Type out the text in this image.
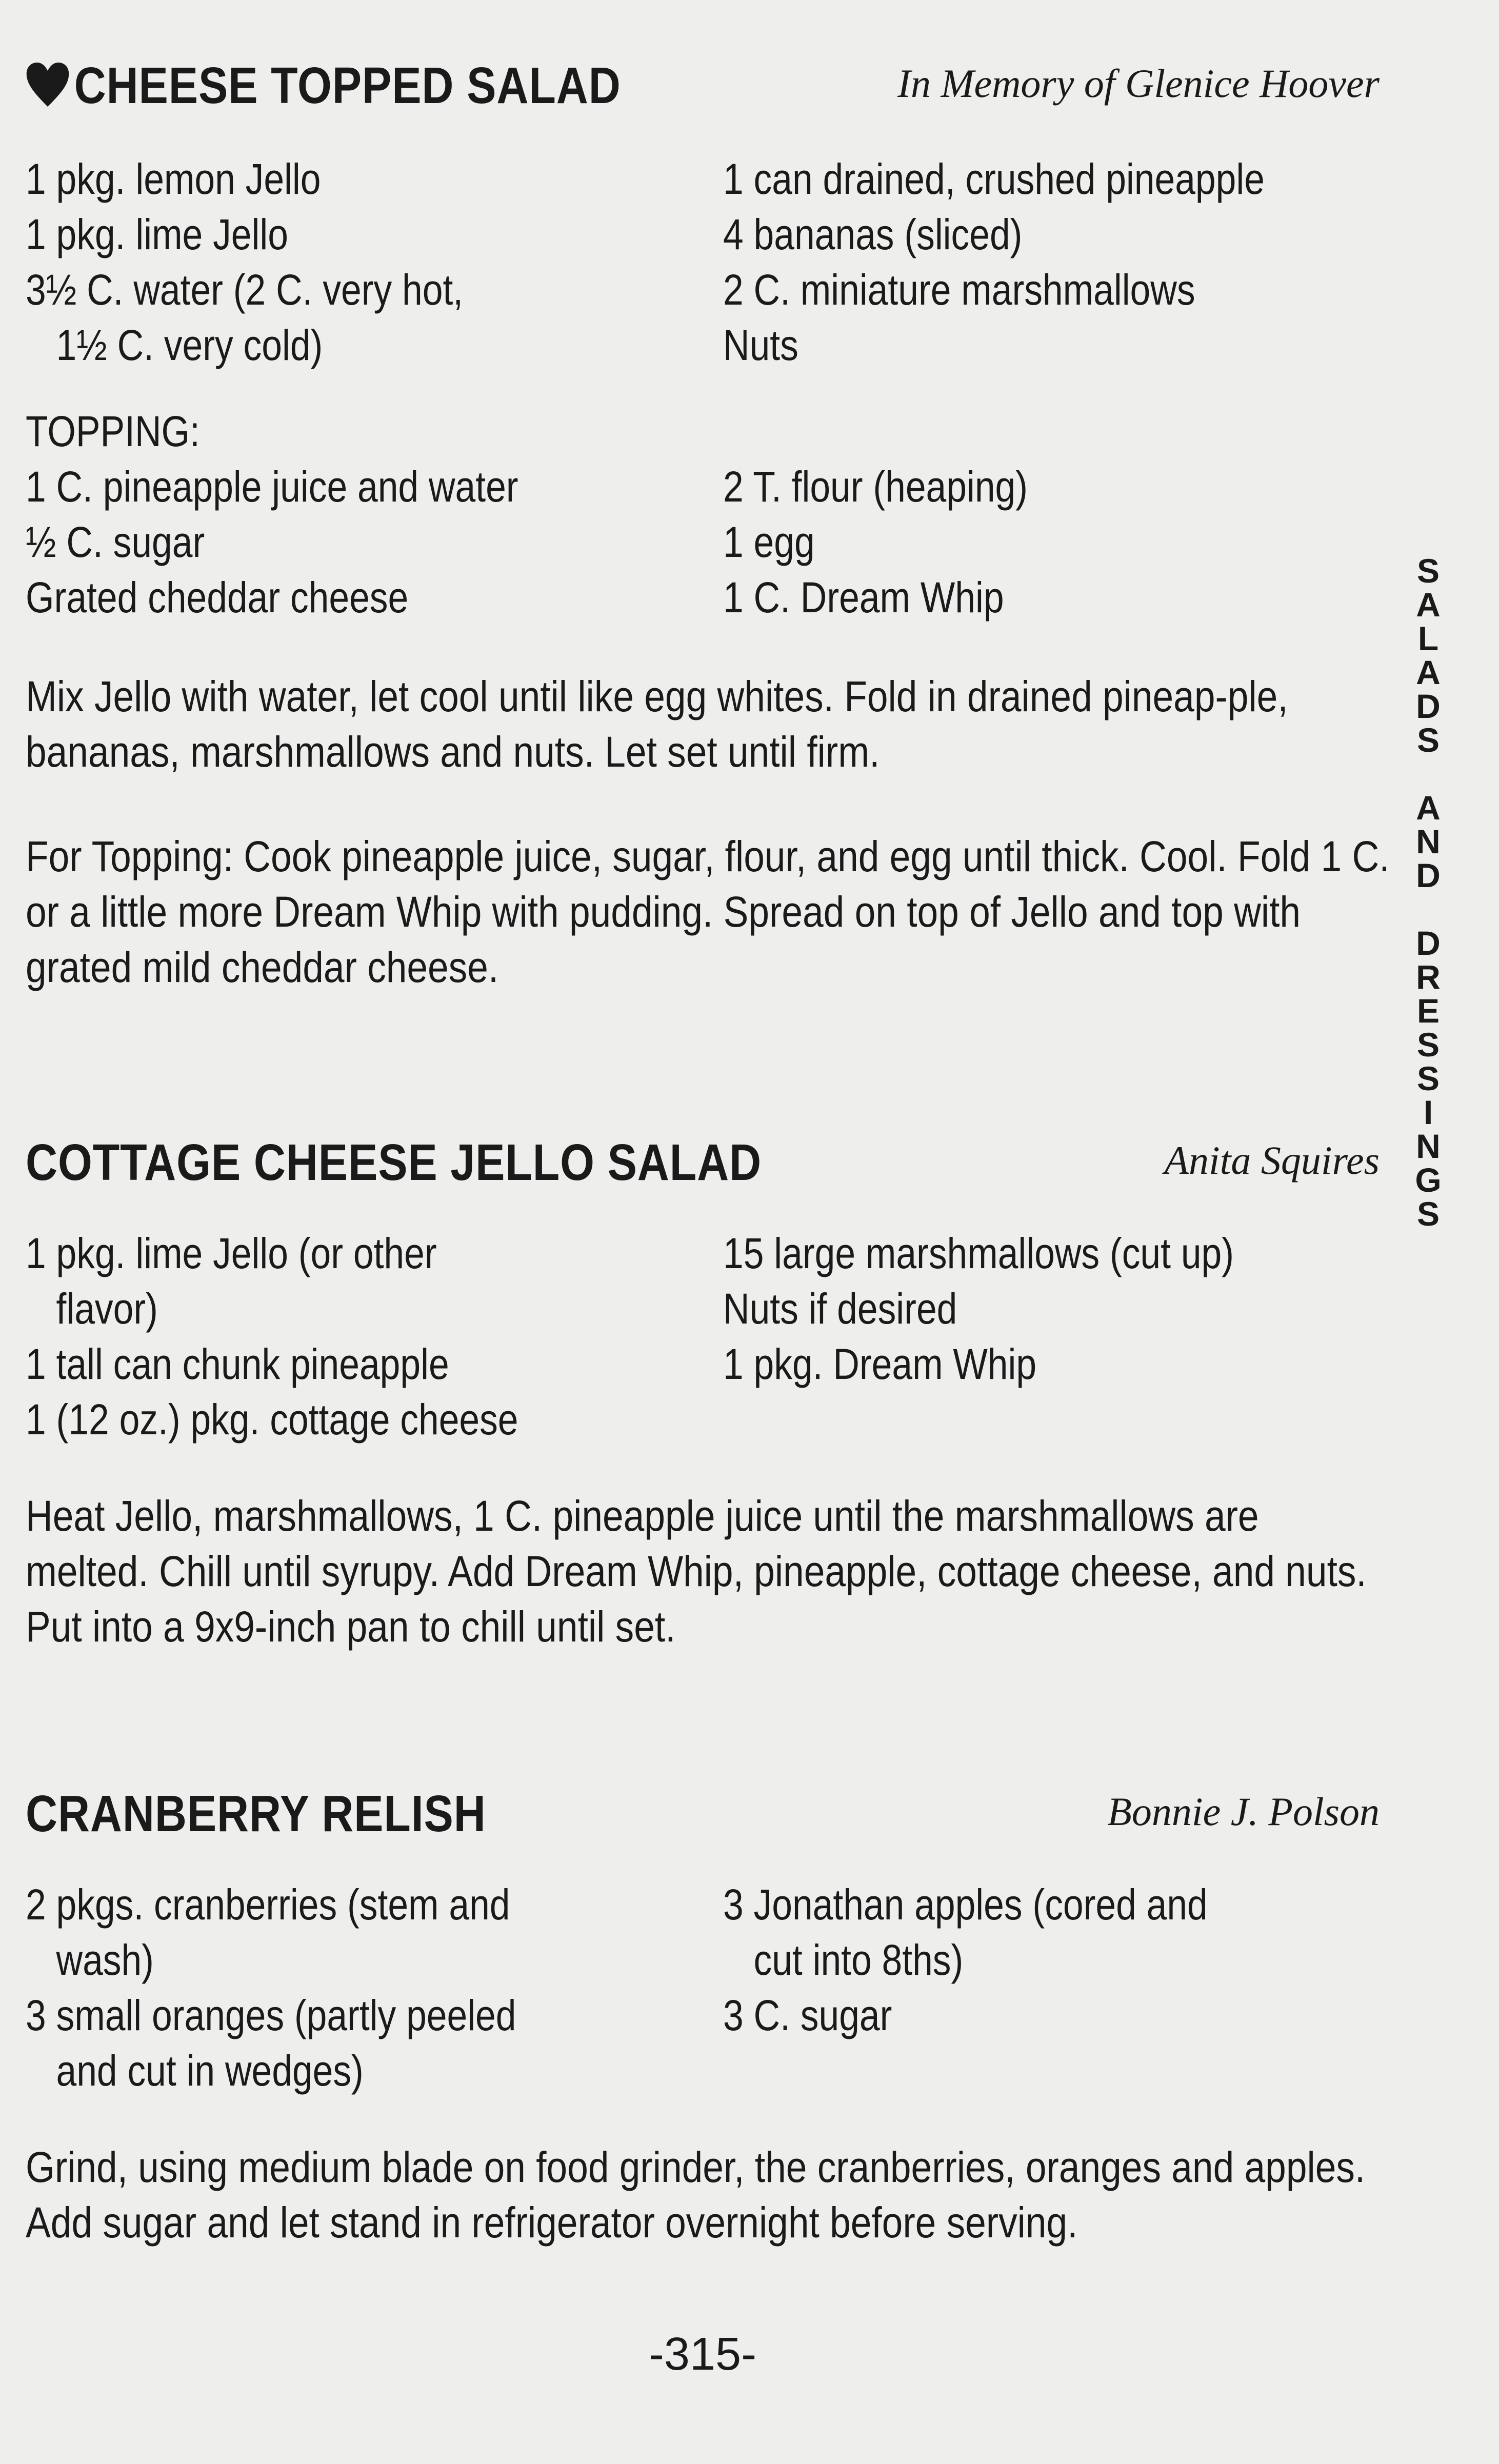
CHEESE TOPPED SALAD	In Memory of Glenice Hoover
1 pkg. lemon Jello
1 pkg. lime Jello
3½ C. water (2 C. very hot,
1½ C. very cold)
1 can drained, crushed pineapple
4 bananas (sliced)
2 C. miniature marshmallows
Nuts
TOPPING:
1 C. pineapple juice and water
½ C. sugar
Grated cheddar cheese
2 T. flour (heaping)
1 egg
1 C. Dream Whip
Mix Jello with water, let cool until like egg whites. Fold in drained pineap-ple, bananas, marshmallows and nuts. Let set until firm.
For Topping: Cook pineapple juice, sugar, flour, and egg until thick. Cool. Fold 1 C. or a little more Dream Whip with pudding. Spread on top of Jello and top with grated mild cheddar cheese.
COTTAGE CHEESE JELLO SALAD	Anita Squires
1 pkg. lime Jello (or other
flavor)
1 tall can chunk pineapple
1 (12 oz.) pkg. cottage cheese
15 large marshmallows (cut up)
Nuts if desired
1 pkg. Dream Whip
Heat Jello, marshmallows, 1 C. pineapple juice until the marshmallows are melted. Chill until syrupy. Add Dream Whip, pineapple, cottage cheese, and nuts. Put into a 9x9-inch pan to chill until set.
CRANBERRY RELISH	Bonnie J. Polson
2 pkgs. cranberries (stem and
wash)
3 small oranges (partly peeled
and cut in wedges)
3 Jonathan apples (cored and
cut into 8ths)
3 C. sugar
Grind, using medium blade on food grinder, the cranberries, oranges and apples. Add sugar and let stand in refrigerator overnight before serving.
S
A
L
A
D
S
A
N
D
D
R
E
S
S
I
N
G
S
-315-
